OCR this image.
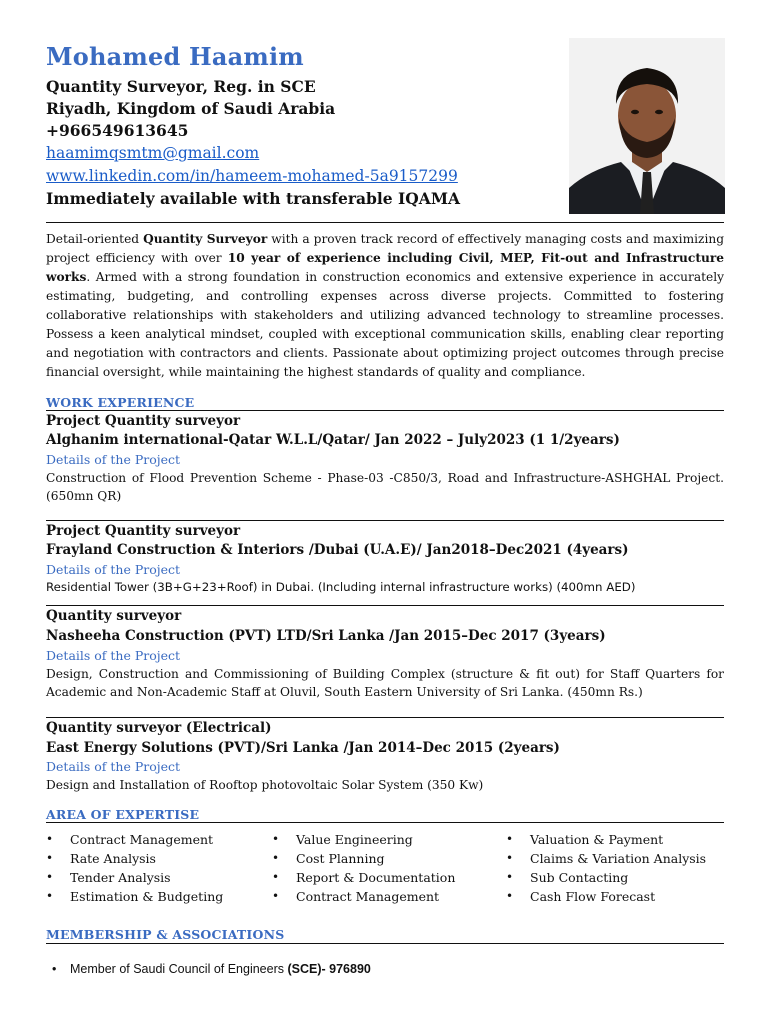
Mohamed Haamim
Quantity Surveyor, Reg. in SCE
Riyadh, Kingdom of Saudi Arabia
+966549613645
haamimqsmtm@gmail.com
www.linkedin.com/in/hameem-mohamed-5a9157299
Immediately available with transferable IQAMA
Detail-oriented Quantity Surveyor with a proven track record of effectively managing costs and maximizing project efficiency with over 10 year of experience including Civil, MEP, Fit-out and Infrastructure works. Armed with a strong foundation in construction economics and extensive experience in accurately estimating, budgeting, and controlling expenses across diverse projects. Committed to fostering collaborative relationships with stakeholders and utilizing advanced technology to streamline processes. Possess a keen analytical mindset, coupled with exceptional communication skills, enabling clear reporting and negotiation with contractors and clients. Passionate about optimizing project outcomes through precise financial oversight, while maintaining the highest standards of quality and compliance.
WORK EXPERIENCE
Project Quantity surveyor
Alghanim international-Qatar W.L.L/Qatar/ Jan 2022 – July2023 (1 1/2years)
Details of the Project
Construction of Flood Prevention Scheme - Phase-03 -C850/3, Road and Infrastructure-ASHGHAL Project. (650mn QR)
Project Quantity surveyor
Frayland Construction & Interiors /Dubai (U.A.E)/ Jan2018–Dec2021 (4years)
Details of the Project
Residential Tower (3B+G+23+Roof) in Dubai. (Including internal infrastructure works) (400mn AED)
Quantity surveyor
Nasheeha Construction (PVT) LTD/Sri Lanka /Jan 2015–Dec 2017 (3years)
Details of the Project
Design, Construction and Commissioning of Building Complex (structure & fit out) for Staff Quarters for Academic and Non-Academic Staff at Oluvil, South Eastern University of Sri Lanka. (450mn Rs.)
Quantity surveyor (Electrical)
East Energy Solutions (PVT)/Sri Lanka /Jan 2014–Dec 2015 (2years)
Details of the Project
Design and Installation of Rooftop photovoltaic Solar System (350 Kw)
AREA OF EXPERTISE
• Contract Management
• Rate Analysis
• Tender Analysis
• Estimation & Budgeting
• Value Engineering
• Cost Planning
• Report & Documentation
• Contract Management
• Valuation & Payment
• Claims & Variation Analysis
• Sub Contacting
• Cash Flow Forecast
MEMBERSHIP & ASSOCIATIONS
• Member of Saudi Council of Engineers (SCE)- 976890
